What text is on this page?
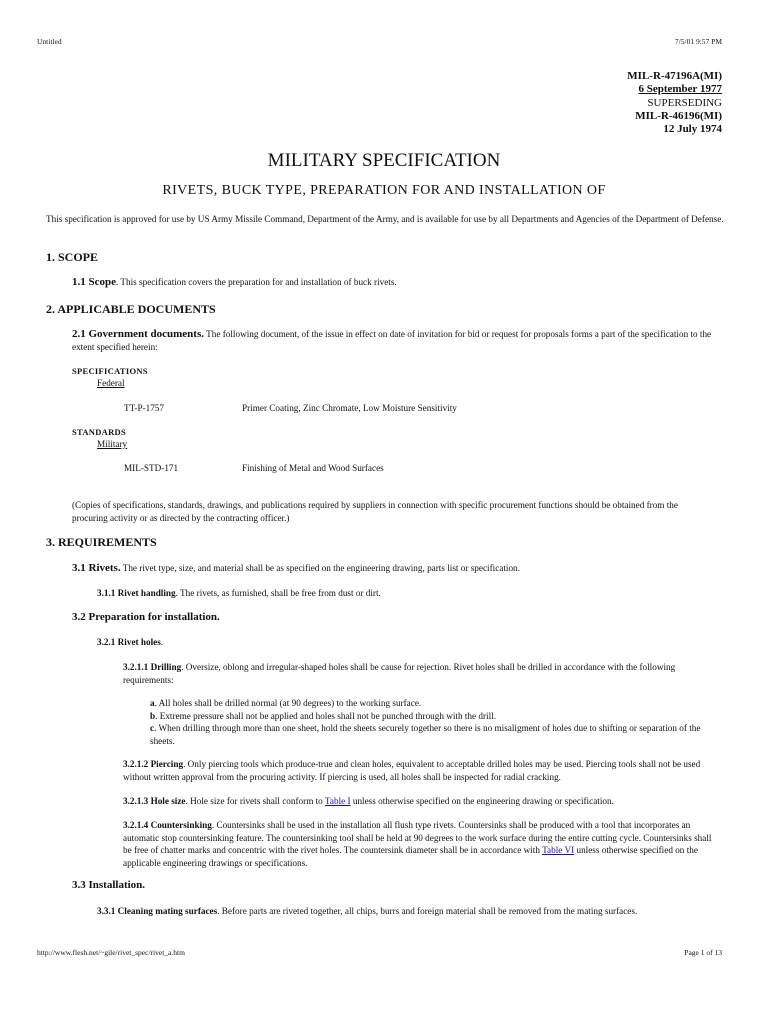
Untitled	7/5/01 9:57 PM
MIL-R-47196A(MI)
6 September 1977
SUPERSEDING
MIL-R-46196(MI)
12 July 1974
MILITARY SPECIFICATION
RIVETS, BUCK TYPE, PREPARATION FOR AND INSTALLATION OF
This specification is approved for use by US Army Missile Command, Department of the Army, and is available for use by all Departments and Agencies of the Department of Defense.
1. SCOPE
1.1 Scope. This specification covers the preparation for and installation of buck rivets.
2. APPLICABLE DOCUMENTS
2.1 Government documents. The following document, of the issue in effect on date of invitation for bid or request for proposals forms a part of the specification to the extent specified herein:
SPECIFICATIONS
Federal
TT-P-1757	Primer Coating, Zinc Chromate, Low Moisture Sensitivity
STANDARDS
Military
MIL-STD-171	Finishing of Metal and Wood Surfaces
(Copies of specifications, standards, drawings, and publications required by suppliers in connection with specific procurement functions should be obtained from the procuring activity or as directed by the contracting officer.)
3. REQUIREMENTS
3.1 Rivets. The rivet type, size, and material shall be as specified on the engineering drawing, parts list or specification.
3.1.1 Rivet handling. The rivets, as furnished, shall be free from dust or dirt.
3.2 Preparation for installation.
3.2.1 Rivet holes.
3.2.1.1 Drilling. Oversize, oblong and irregular-shaped holes shall be cause for rejection. Rivet holes shall be drilled in accordance with the following requirements:
a. All holes shall be drilled normal (at 90 degrees) to the working surface.
b. Extreme pressure shall not be applied and holes shall not be punched through with the drill.
c. When drilling through more than one sheet, hold the sheets securely together so there is no misaligment of holes due to shifting or separation of the sheets.
3.2.1.2 Piercing. Only piercing tools which produce-true and clean holes, equivalent to acceptable drilled holes may be used. Piercing tools shall not be used without written approval from the procuring activity. If piercing is used, all holes shall be inspected for radial cracking.
3.2.1.3 Hole size. Hole size for rivets shall conform to Table I unless otherwise specified on the engineering drawing or specification.
3.2.1.4 Countersinking. Countersinks shall be used in the installation all flush type rivets. Countersinks shall be produced with a tool that incorporates an automatic stop countersinking feature. The countersinking tool shall be held at 90 degrees to the work surface during the entire cutting cycle. Countersinks shall be free of chatter marks and concentric with the rivet holes. The countersink diameter shall be in accordance with Table VI unless otherwise specified on the applicable engineering drawings or specifications.
3.3 Installation.
3.3.1 Cleaning mating surfaces. Before parts are riveted together, all chips, burrs and foreign material shall be removed from the mating surfaces.
http://www.flesh.net/~gile/rivet_spec/rivet_a.htm	Page 1 of 13
